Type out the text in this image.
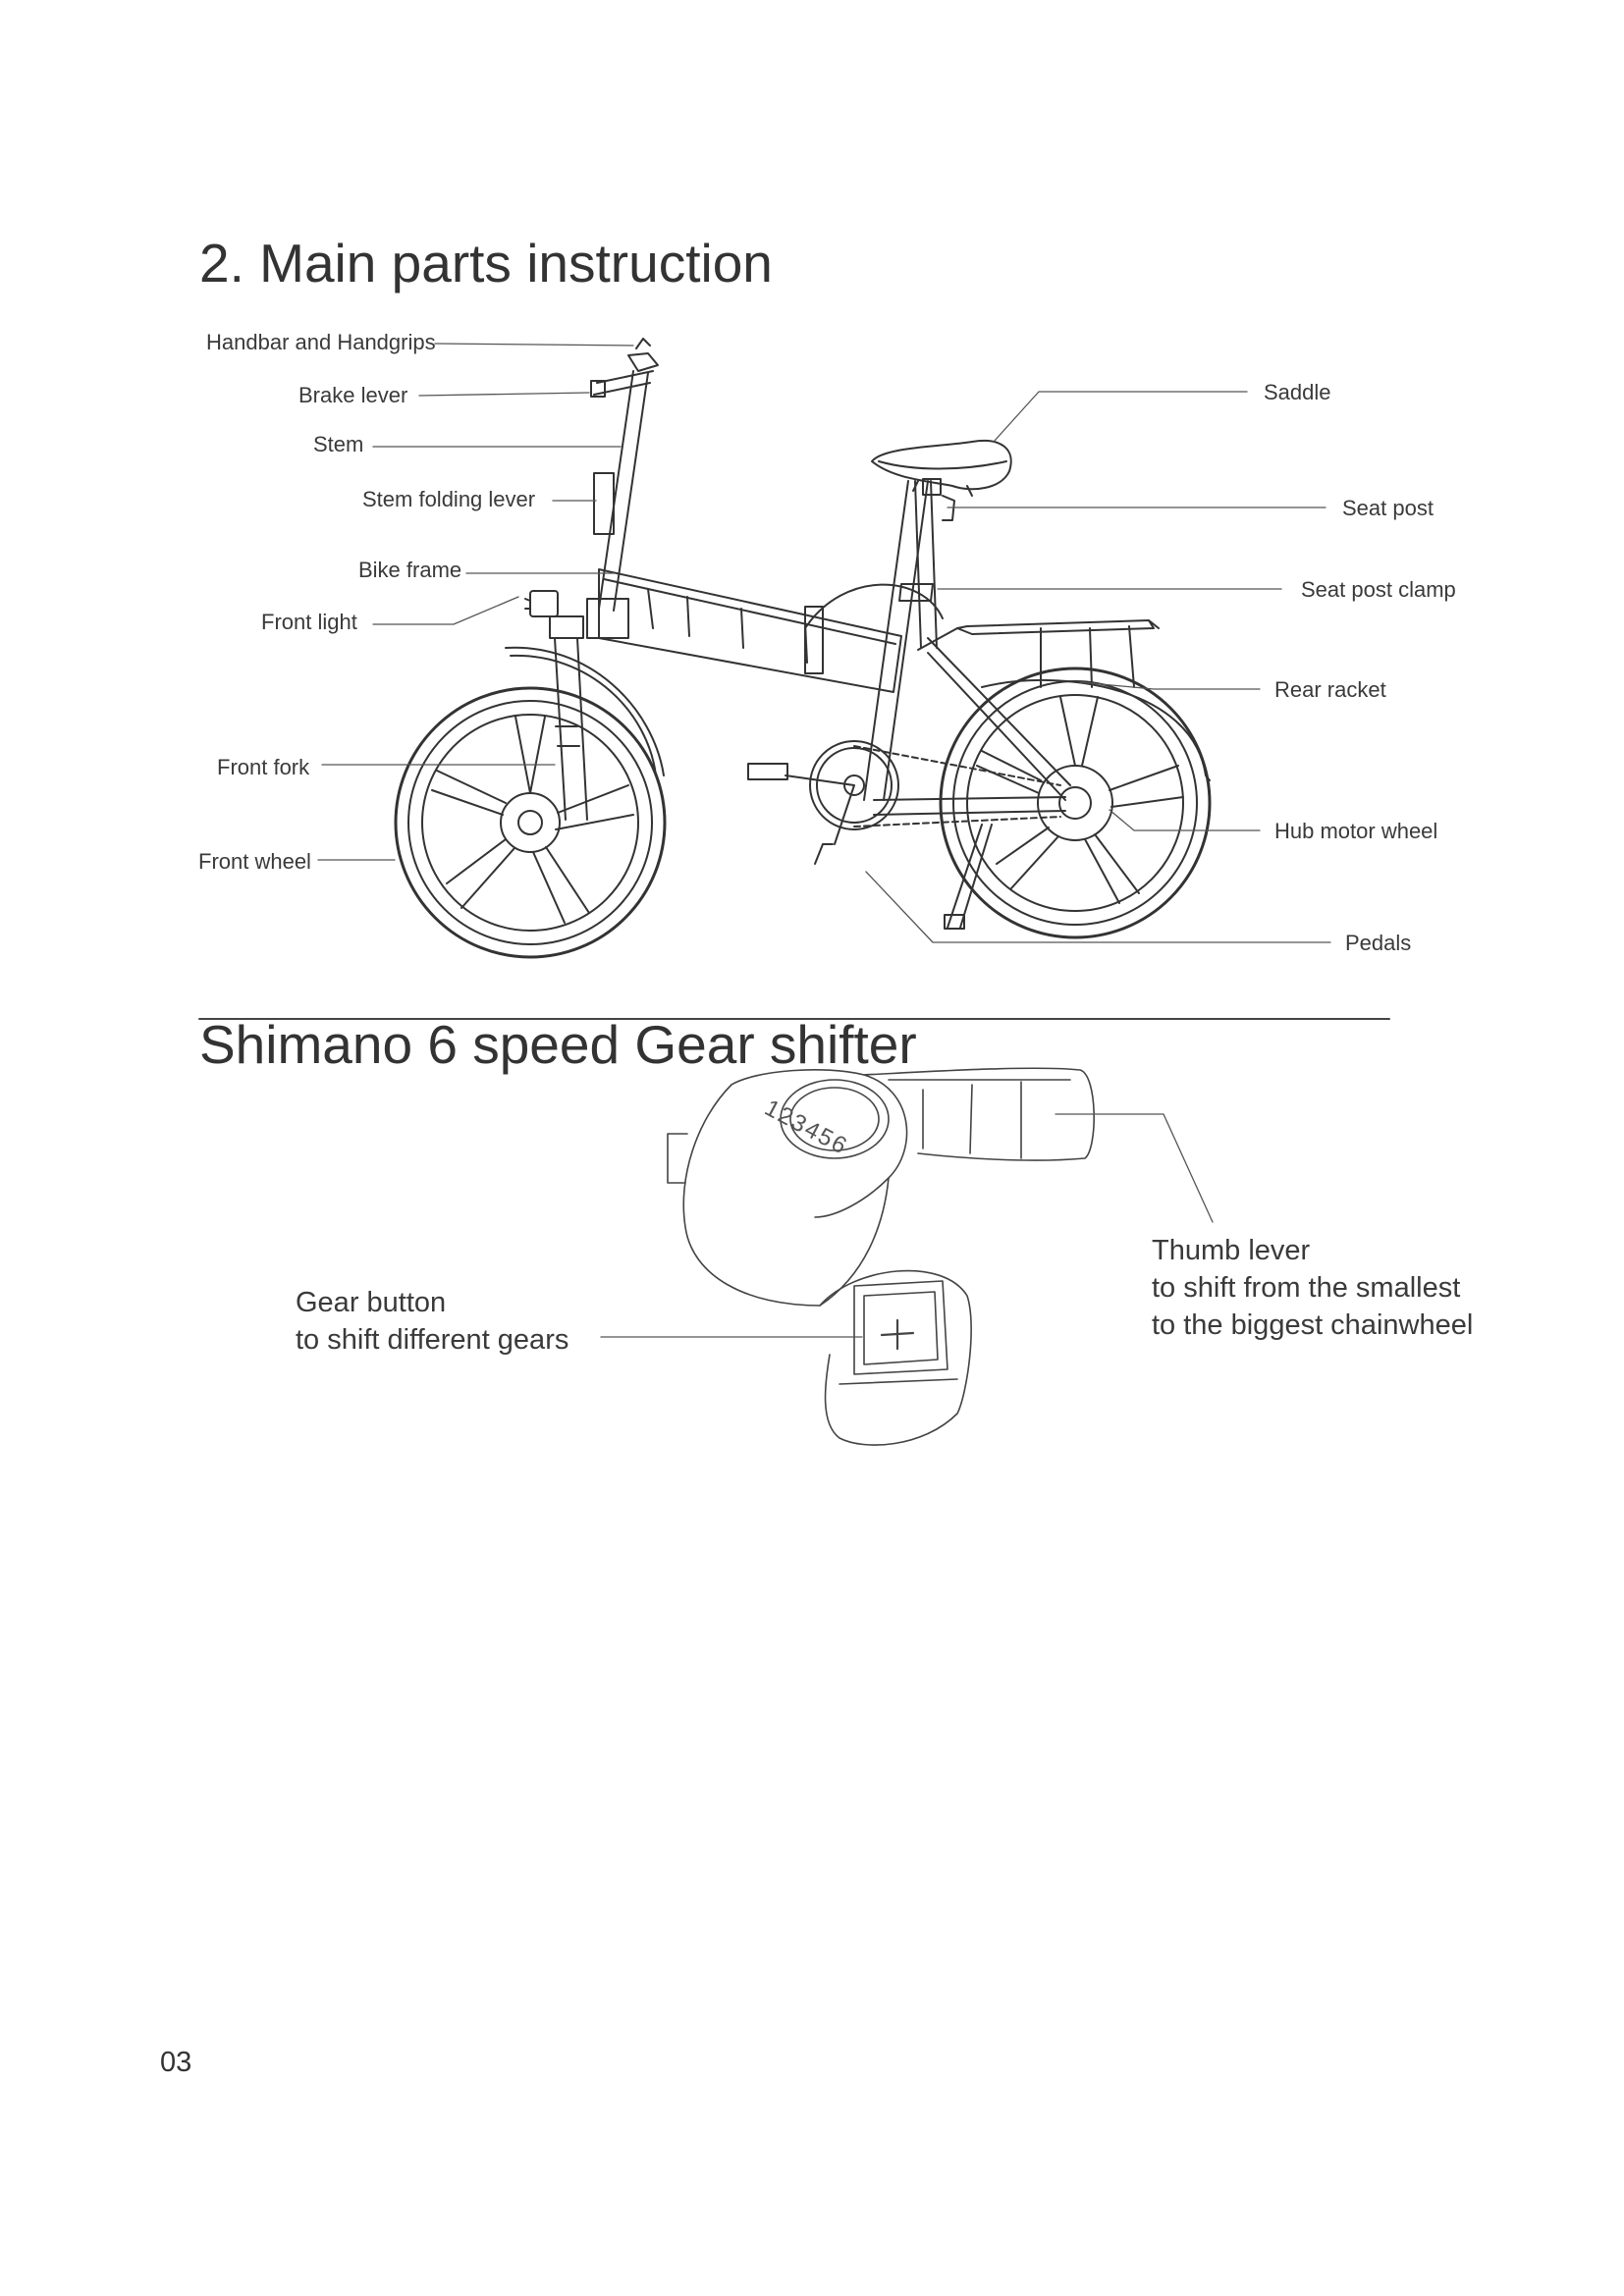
2. Main parts instruction
Handbar and Handgrips
Brake lever
Stem
Stem folding lever
Bike frame
Front light
Front fork
Front wheel
Saddle
Seat post
Seat post clamp
Rear racket
Hub motor wheel
Pedals
Shimano 6 speed Gear shifter
Gear button
to shift different gears
Thumb lever
to shift from the smallest
to the biggest chainwheel
03
123456
